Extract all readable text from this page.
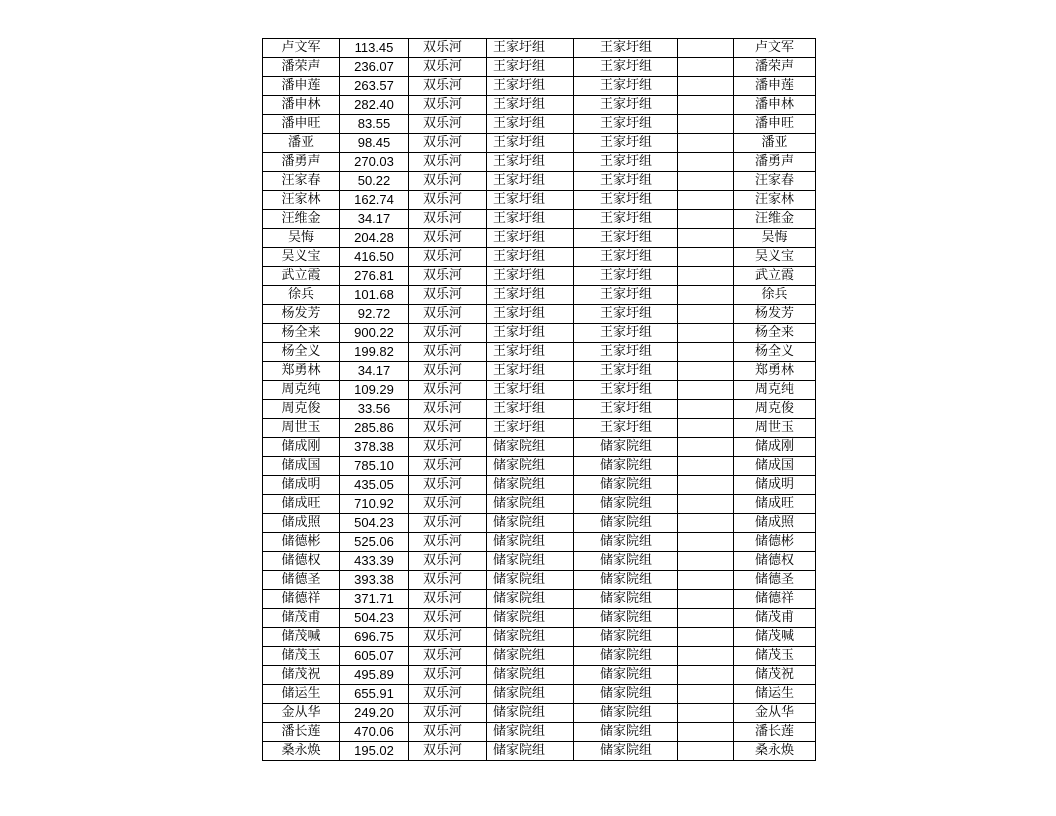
卢文军	113.45	双乐河	王家圩组	王家圩组		卢文军
潘荣声	236.07	双乐河	王家圩组	王家圩组		潘荣声
潘申莲	263.57	双乐河	王家圩组	王家圩组		潘申莲
潘申林	282.40	双乐河	王家圩组	王家圩组		潘申林
潘申旺	83.55	双乐河	王家圩组	王家圩组		潘申旺
潘亚	98.45	双乐河	王家圩组	王家圩组		潘亚
潘勇声	270.03	双乐河	王家圩组	王家圩组		潘勇声
汪家春	50.22	双乐河	王家圩组	王家圩组		汪家春
汪家林	162.74	双乐河	王家圩组	王家圩组		汪家林
汪维金	34.17	双乐河	王家圩组	王家圩组		汪维金
吴悔	204.28	双乐河	王家圩组	王家圩组		吴悔
吴义宝	416.50	双乐河	王家圩组	王家圩组		吴义宝
武立霞	276.81	双乐河	王家圩组	王家圩组		武立霞
徐兵	101.68	双乐河	王家圩组	王家圩组		徐兵
杨发芳	92.72	双乐河	王家圩组	王家圩组		杨发芳
杨全来	900.22	双乐河	王家圩组	王家圩组		杨全来
杨全义	199.82	双乐河	王家圩组	王家圩组		杨全义
郑勇林	34.17	双乐河	王家圩组	王家圩组		郑勇林
周克纯	109.29	双乐河	王家圩组	王家圩组		周克纯
周克俊	33.56	双乐河	王家圩组	王家圩组		周克俊
周世玉	285.86	双乐河	王家圩组	王家圩组		周世玉
储成刚	378.38	双乐河	储家院组	储家院组		储成刚
储成国	785.10	双乐河	储家院组	储家院组		储成国
储成明	435.05	双乐河	储家院组	储家院组		储成明
储成旺	710.92	双乐河	储家院组	储家院组		储成旺
储成照	504.23	双乐河	储家院组	储家院组		储成照
储德彬	525.06	双乐河	储家院组	储家院组		储德彬
储德权	433.39	双乐河	储家院组	储家院组		储德权
储德圣	393.38	双乐河	储家院组	储家院组		储德圣
储德祥	371.71	双乐河	储家院组	储家院组		储德祥
储茂甫	504.23	双乐河	储家院组	储家院组		储茂甫
储茂喊	696.75	双乐河	储家院组	储家院组		储茂喊
储茂玉	605.07	双乐河	储家院组	储家院组		储茂玉
储茂祝	495.89	双乐河	储家院组	储家院组		储茂祝
储运生	655.91	双乐河	储家院组	储家院组		储运生
金从华	249.20	双乐河	储家院组	储家院组		金从华
潘长莲	470.06	双乐河	储家院组	储家院组		潘长莲
桑永焕	195.02	双乐河	储家院组	储家院组		桑永焕
